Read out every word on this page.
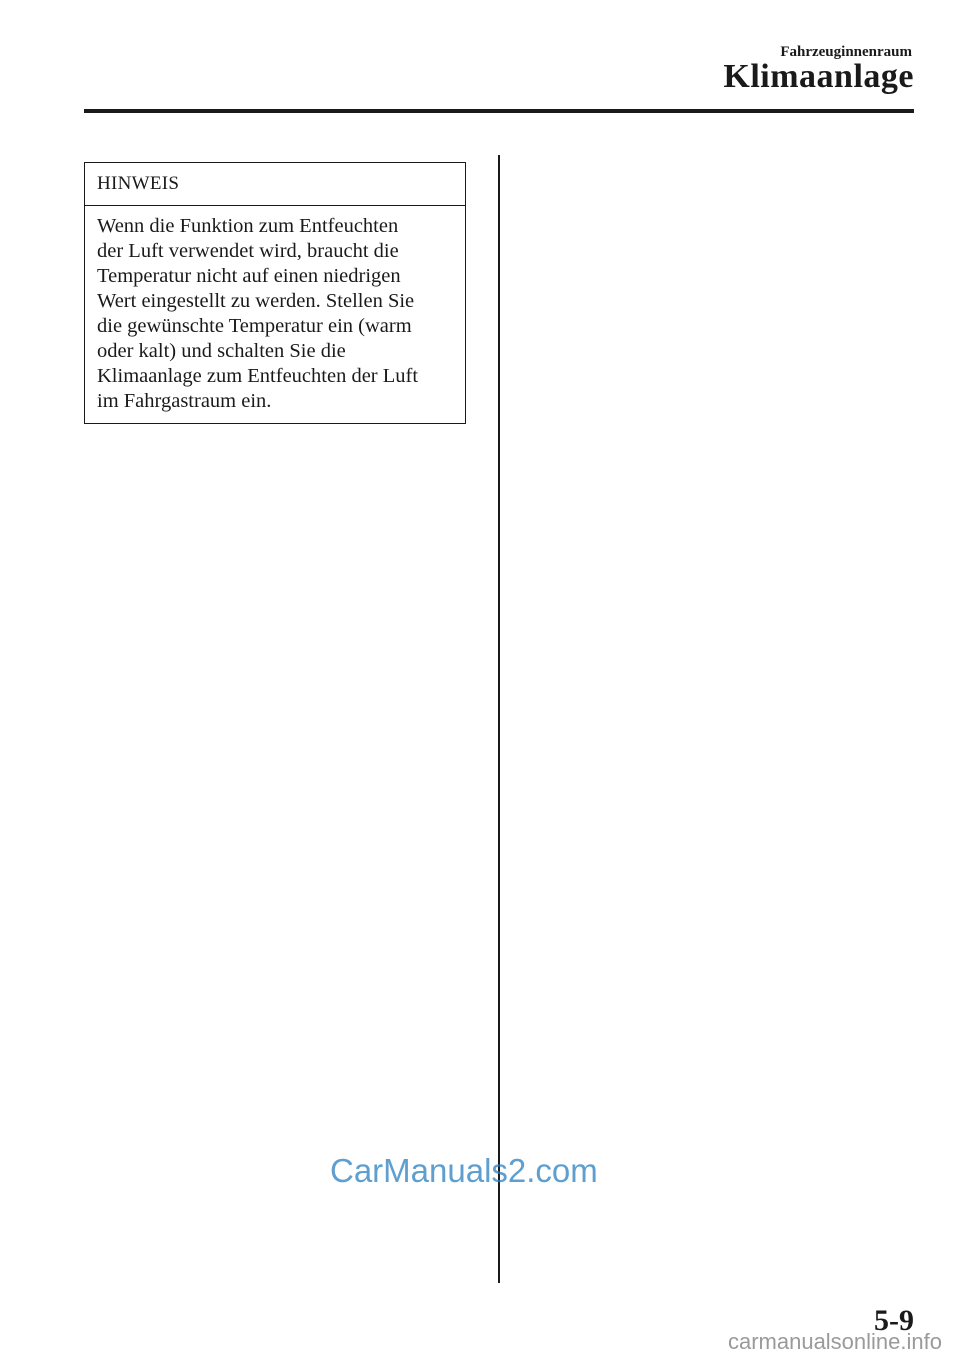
Fahrzeuginnenraum
Klimaanlage
HINWEIS
Wenn die Funktion zum Entfeuchten
der Luft verwendet wird, braucht die
Temperatur nicht auf einen niedrigen
Wert eingestellt zu werden. Stellen Sie
die gewünschte Temperatur ein (warm
oder kalt) und schalten Sie die
Klimaanlage zum Entfeuchten der Luft
im Fahrgastraum ein.
CarManuals2.com
5-9
carmanualsonline.info
